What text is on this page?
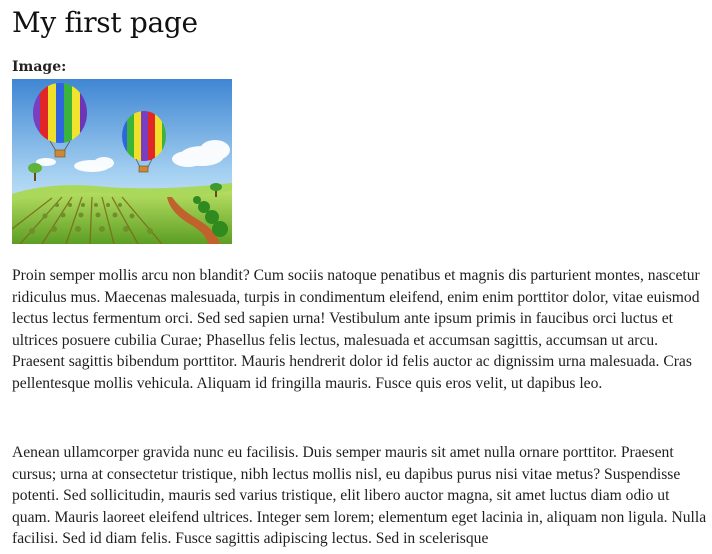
My first page
Image:

Proin semper mollis arcu non blandit? Cum sociis natoque penatibus et magnis dis parturient montes, nascetur ridiculus mus. Maecenas malesuada, turpis in condimentum eleifend, enim enim porttitor dolor, vitae euismod lectus lectus fermentum orci. Sed sed sapien urna! Vestibulum ante ipsum primis in faucibus orci luctus et ultrices posuere cubilia Curae; Phasellus felis lectus, malesuada et accumsan sagittis, accumsan ut arcu. Praesent sagittis bibendum porttitor. Mauris hendrerit dolor id felis auctor ac dignissim urna malesuada. Cras pellentesque mollis vehicula. Aliquam id fringilla mauris. Fusce quis eros velit, ut dapibus leo.

Aenean ullamcorper gravida nunc eu facilisis. Duis semper mauris sit amet nulla ornare porttitor. Praesent cursus; urna at consectetur tristique, nibh lectus mollis nisl, eu dapibus purus nisi vitae metus? Suspendisse potenti. Sed sollicitudin, mauris sed varius tristique, elit libero auctor magna, sit amet luctus diam odio ut quam. Mauris laoreet eleifend ultrices. Integer sem lorem; elementum eget lacinia in, aliquam non ligula. Nulla facilisi. Sed id diam felis. Fusce sagittis adipiscing lectus. Sed in scelerisque
